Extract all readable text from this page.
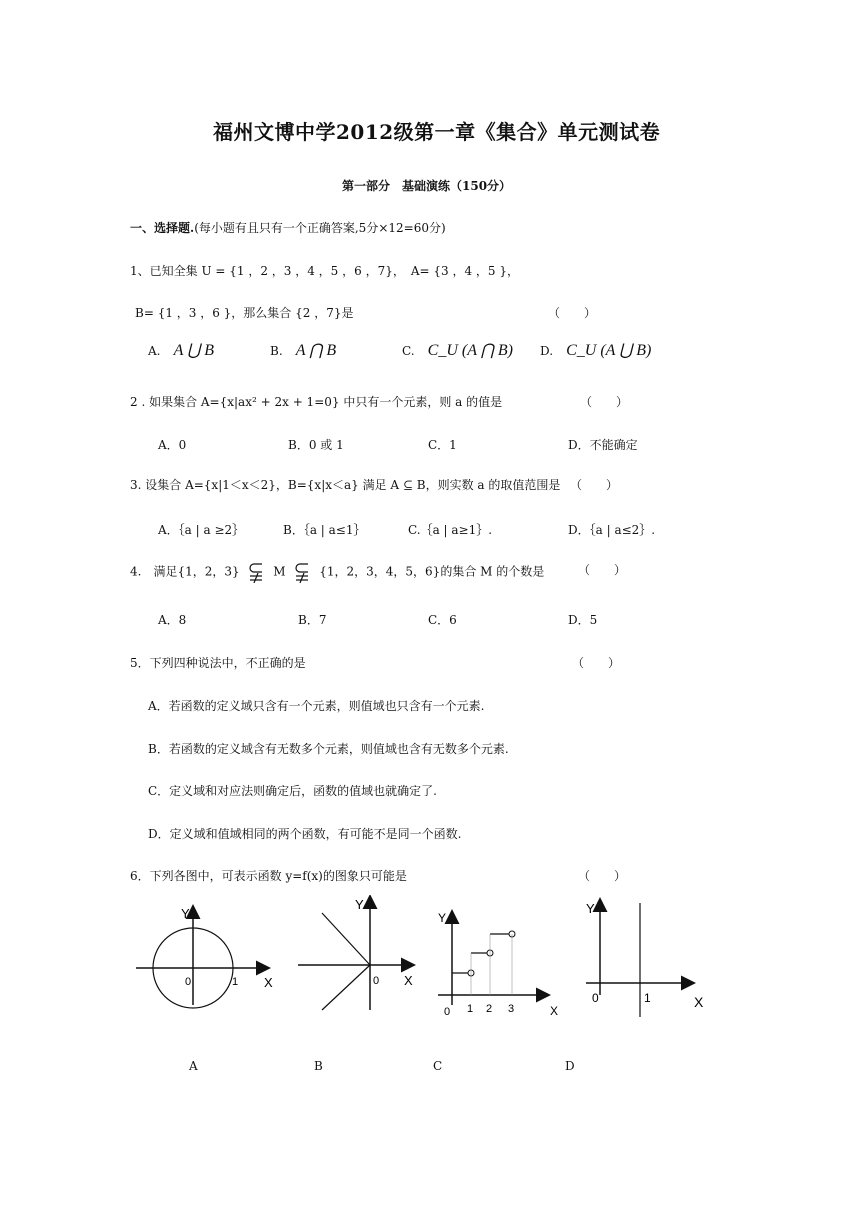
福州文博中学2012级第一章《集合》单元测试卷
第一部分　基础演练（150分）
一、选择题.(每小题有且只有一个正确答案,5分×12=60分)
1、已知全集 U = {1 ，2 ，3 ，4 ，5 ，6 ，7}，　A= {3 ，4 ，5 }，
B= {1 ，3 ，6 }，那么集合 {2 ，7}是	（　　）
A. A ⋃ B	B. A ⋂ B	C. C_U (A ⋂ B) D. C_U (A ⋃ B)
2 . 如果集合 A={x|ax² + 2x + 1=0} 中只有一个元素，则 a 的值是	（　　）
A．0	B．0 或 1	C．1	D．不能确定
3. 设集合 A={x|1＜x＜2}，B={x|x＜a} 满足 A ⊆ B，则实数 a 的取值范围是 （　　）
A．｛a | a ≥2｝	B．｛a | a≤1｝	C.｛a | a≥1｝.	D．｛a | a≤2｝.
4.　满足{1，2，3}	M	{1，2，3，4，5，6}的集合 M 的个数是	（　　）
A．8	B．7	C．6	D．5
5．下列四种说法中，不正确的是	（　　）
A．若函数的定义域只含有一个元素，则值域也只含有一个元素.
B．若函数的定义域含有无数多个元素，则值域也含有无数多个元素.
C．定义域和对应法则确定后，函数的值域也就确定了.
D．定义域和值域相同的两个函数，有可能不是同一个函数.
6．下列各图中，可表示函数 y=f(x)的图象只可能是	（　　）
Y
X
0	1
Y
X
0
Y
X
0 1 2 3
Y
X
0	1
A	B	C	D
